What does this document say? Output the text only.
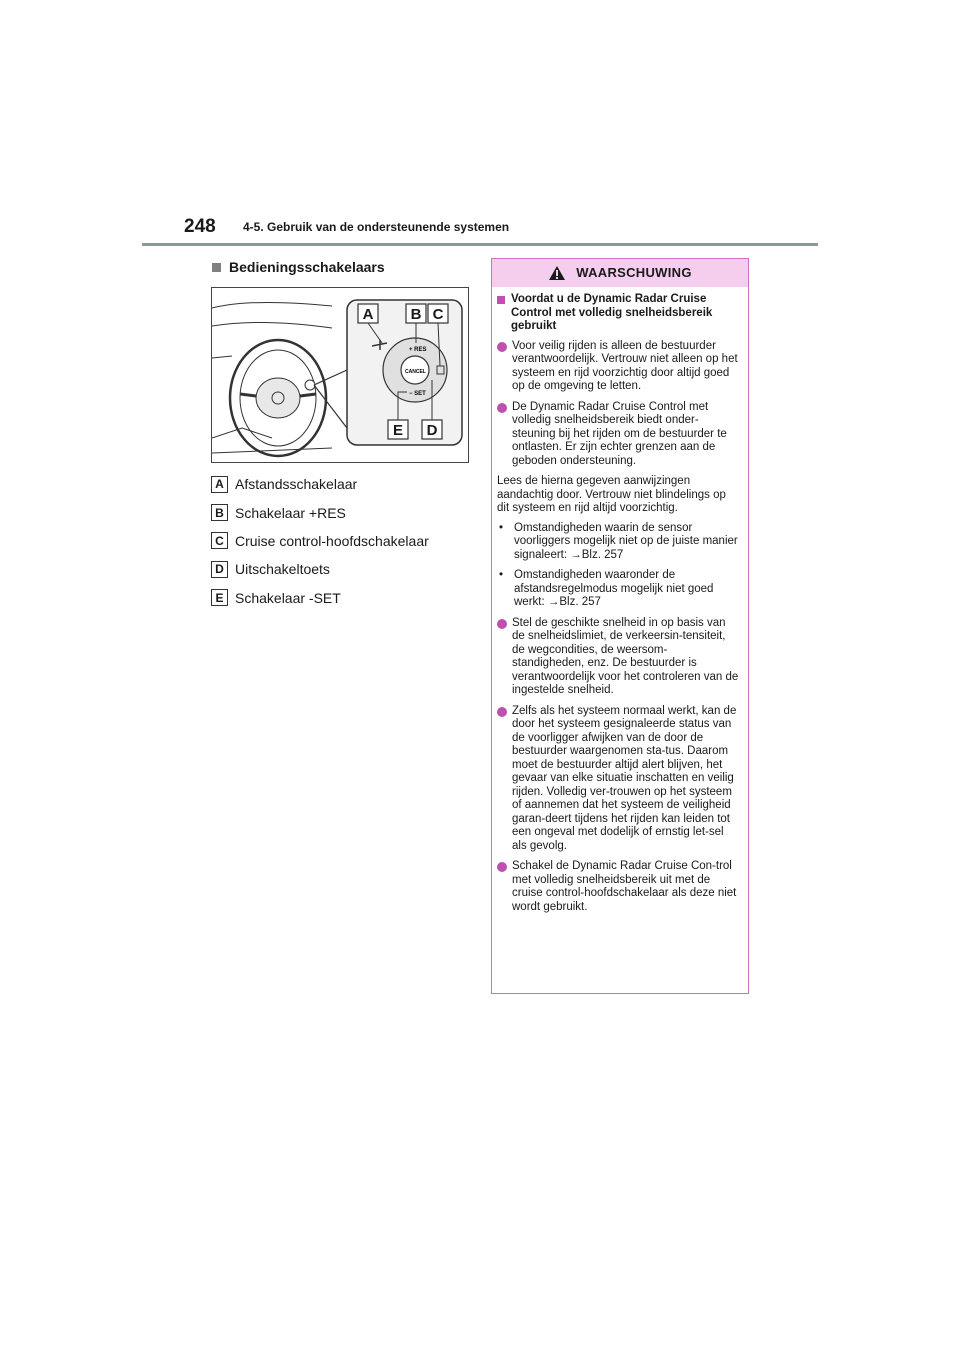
248 4-5. Gebruik van de ondersteunende systemen
Bedieningsschakelaars
+ RES
CANCEL
− SET
A B C
E D
A Afstandsschakelaar
B Schakelaar +RES
C Cruise control-hoofdschakelaar
D Uitschakeltoets
E Schakelaar -SET
WAARSCHUWING
Voordat u de Dynamic Radar Cruise Control met volledig snelheidsbereik gebruikt
Voor veilig rijden is alleen de bestuurder verantwoordelijk. Vertrouw niet alleen op het systeem en rijd voorzichtig door altijd goed op de omgeving te letten.
De Dynamic Radar Cruise Control met volledig snelheidsbereik biedt onder-steuning bij het rijden om de bestuurder te ontlasten. Er zijn echter grenzen aan de geboden ondersteuning.
Lees de hierna gegeven aanwijzingen aandachtig door. Vertrouw niet blindelings op dit systeem en rijd altijd voorzichtig.
• Omstandigheden waarin de sensor voorliggers mogelijk niet op de juiste manier signaleert: →Blz. 257
• Omstandigheden waaronder de afstandsregelmodus mogelijk niet goed werkt: →Blz. 257
Stel de geschikte snelheid in op basis van de snelheidslimiet, de verkeersin-tensiteit, de wegcondities, de weersom-standigheden, enz. De bestuurder is verantwoordelijk voor het controleren van de ingestelde snelheid.
Zelfs als het systeem normaal werkt, kan de door het systeem gesignaleerde status van de voorligger afwijken van de door de bestuurder waargenomen sta-tus. Daarom moet de bestuurder altijd alert blijven, het gevaar van elke situatie inschatten en veilig rijden. Volledig ver-trouwen op het systeem of aannemen dat het systeem de veiligheid garan-deert tijdens het rijden kan leiden tot een ongeval met dodelijk of ernstig let-sel als gevolg.
Schakel de Dynamic Radar Cruise Con-trol met volledig snelheidsbereik uit met de cruise control-hoofdschakelaar als deze niet wordt gebruikt.
